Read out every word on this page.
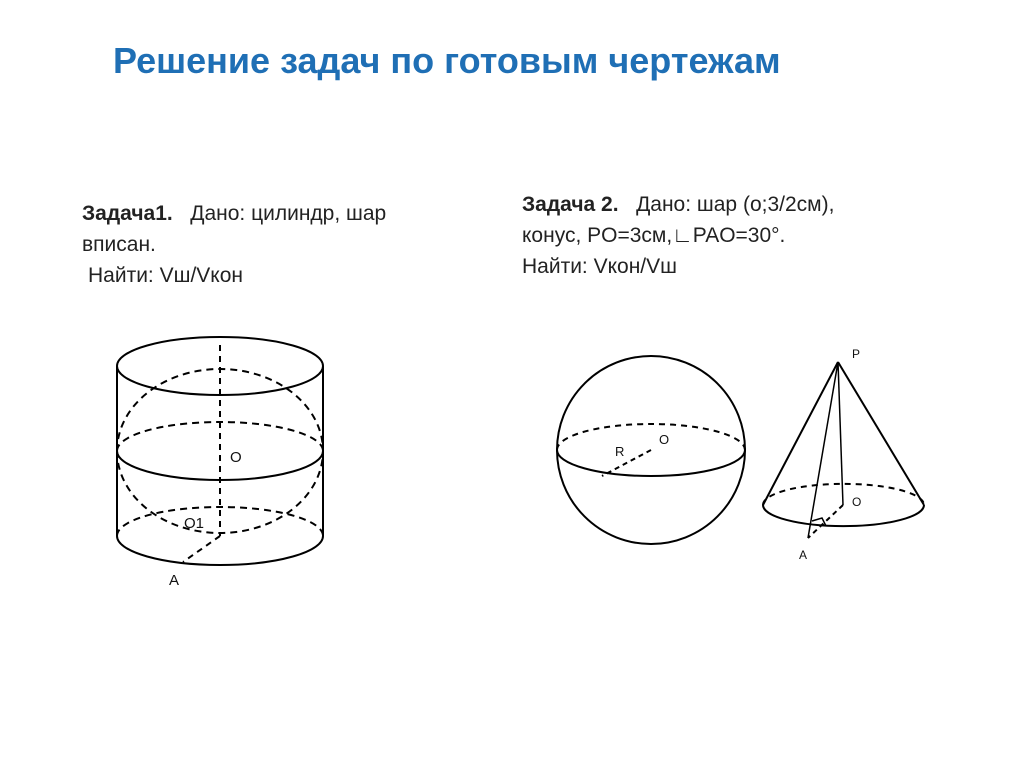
Решение задач по готовым чертежам
Задача1. Дано: цилиндр, шар
вписан.
Найти: Vш/Vкон
Задача 2. Дано: шар (о;3/2см),
конус, PO=3см,∟PAO=30°.
Найти: Vкон/Vш
O
O1
A
R
O
P
O
A
